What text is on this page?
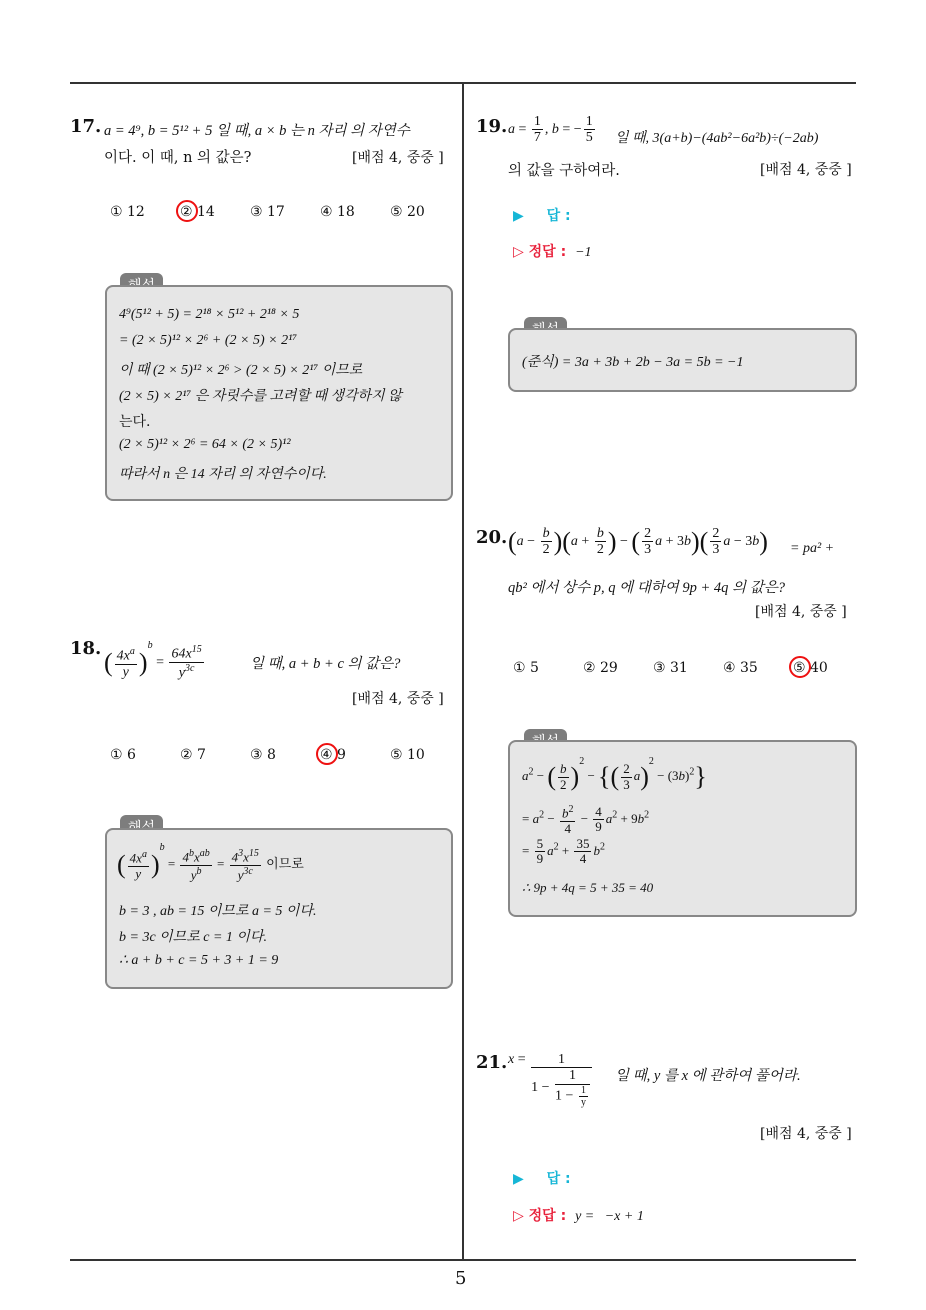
5
17. a = 4⁹, b = 5¹² + 5 일 때, a × b 는 n 자리 의 자연수
이다. 이 때, n 의 값은?	[배점 4, 중중 ]
① 12	② 14	③ 17	④ 18	⑤ 20
4⁹(5¹² + 5) = 2¹⁸ × 5¹² + 2¹⁸ × 5
= (2 × 5)¹² × 2⁶ + (2 × 5) × 2¹⁷
이 때 (2 × 5)¹² × 2⁶ > (2 × 5) × 2¹⁷ 이므로
(2 × 5) × 2¹⁷ 은 자릿수를 고려할 때 생각하지 않
는다.
(2 × 5)¹² × 2⁶ = 64 × (2 × 5)¹²
따라서 n 은 14 자리 의 자연수이다.
18. ( $\frac{4x^a}{y} )^b = \frac{64x^{15}}{y^{3c}}$	일 때, a + b + c 의 값은?
[배점 4, 중중 ]
① 6	② 7	③ 8	④ 9	⑤ 10
( $\frac{4x^a}{y} )^b = \frac{4^bx^{ab}}{y^b} = \frac{4^3x^{15}}{y^{3c}}$ 이므로
b = 3 , ab = 15 이므로 a = 5 이다.
b = 3c 이므로 c = 1 이다.
∴ a + b + c = 5 + 3 + 1 = 9
19. $a = \frac{1}{7}$ , b = − $\frac{1}{5}$ 일 때, 3(a+b)−(4ab²−6a²b)÷(−2ab)
의 값을 구하여라.	[배점 4, 중중 ]
▶ 답 :
▷ 정답 : −1
(준식) = 3a + 3b + 2b − 3a = 5b = −1
20. $(a - \frac{b}{2} )(a + \frac{b}{2}$ ) − ( $\frac{2}{3}$ $a + 3b)( \frac{2}{3}$ a − 3b) = pa² +
qb² 에서 상수 p, q 에 대하여 9p + 4q 의 값은?
[배점 4, 중중 ]
① 5	② 29	③ 31	④ 35	⑤ 40
$a^2$ − ( $\frac{b}{2} )^2$ − {( $\frac{2}{3} a)^2 - (3b)^2$}
= $a^2 - \frac{b^2}{4} - \frac{4}{9} a^2 + 9b^2$
= $\frac{5}{9} a^2 + \frac{35}{4} b^2$
∴ 9p + 4q = 5 + 35 = 40
21. $x = \frac{1}{1 - \frac{1}{1 - \frac{1}{y}}}$ 일 때, y 를 x 에 관하여 풀어라.
[배점 4, 중중 ]
▶ 답 :
▷ 정답 : y =   −x + 1
